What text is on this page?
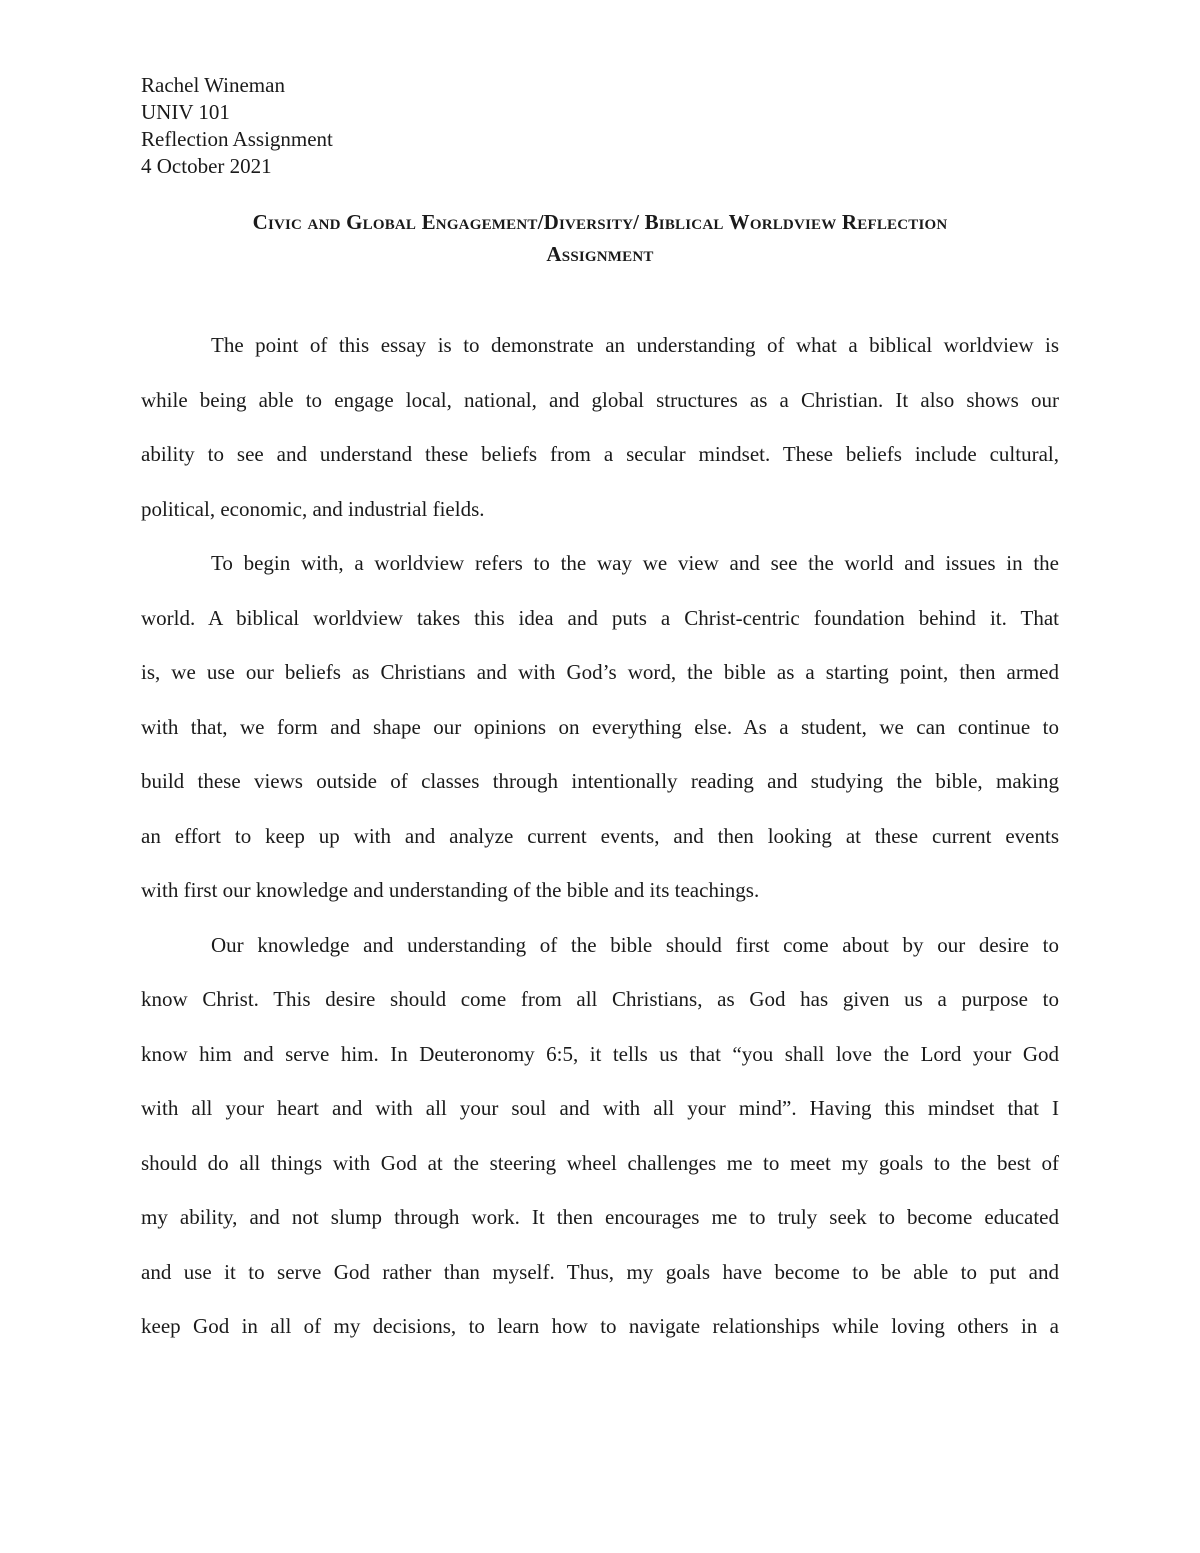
Rachel Wineman
UNIV 101
Reflection Assignment
4 October 2021
Civic and Global Engagement/Diversity/ Biblical Worldview Reflection
Assignment

The point of this essay is to demonstrate an understanding of what a biblical worldview is
while being able to engage local, national, and global structures as a Christian. It also shows our
ability to see and understand these beliefs from a secular mindset. These beliefs include cultural,
political, economic, and industrial fields.

To begin with, a worldview refers to the way we view and see the world and issues in the
world. A biblical worldview takes this idea and puts a Christ-centric foundation behind it. That
is, we use our beliefs as Christians and with God’s word, the bible as a starting point, then armed
with that, we form and shape our opinions on everything else. As a student, we can continue to
build these views outside of classes through intentionally reading and studying the bible, making
an effort to keep up with and analyze current events, and then looking at these current events
with first our knowledge and understanding of the bible and its teachings.

Our knowledge and understanding of the bible should first come about by our desire to
know Christ. This desire should come from all Christians, as God has given us a purpose to
know him and serve him. In Deuteronomy 6:5, it tells us that “you shall love the Lord your God
with all your heart and with all your soul and with all your mind”. Having this mindset that I
should do all things with God at the steering wheel challenges me to meet my goals to the best of
my ability, and not slump through work. It then encourages me to truly seek to become educated
and use it to serve God rather than myself. Thus, my goals have become to be able to put and
keep God in all of my decisions, to learn how to navigate relationships while loving others in a
